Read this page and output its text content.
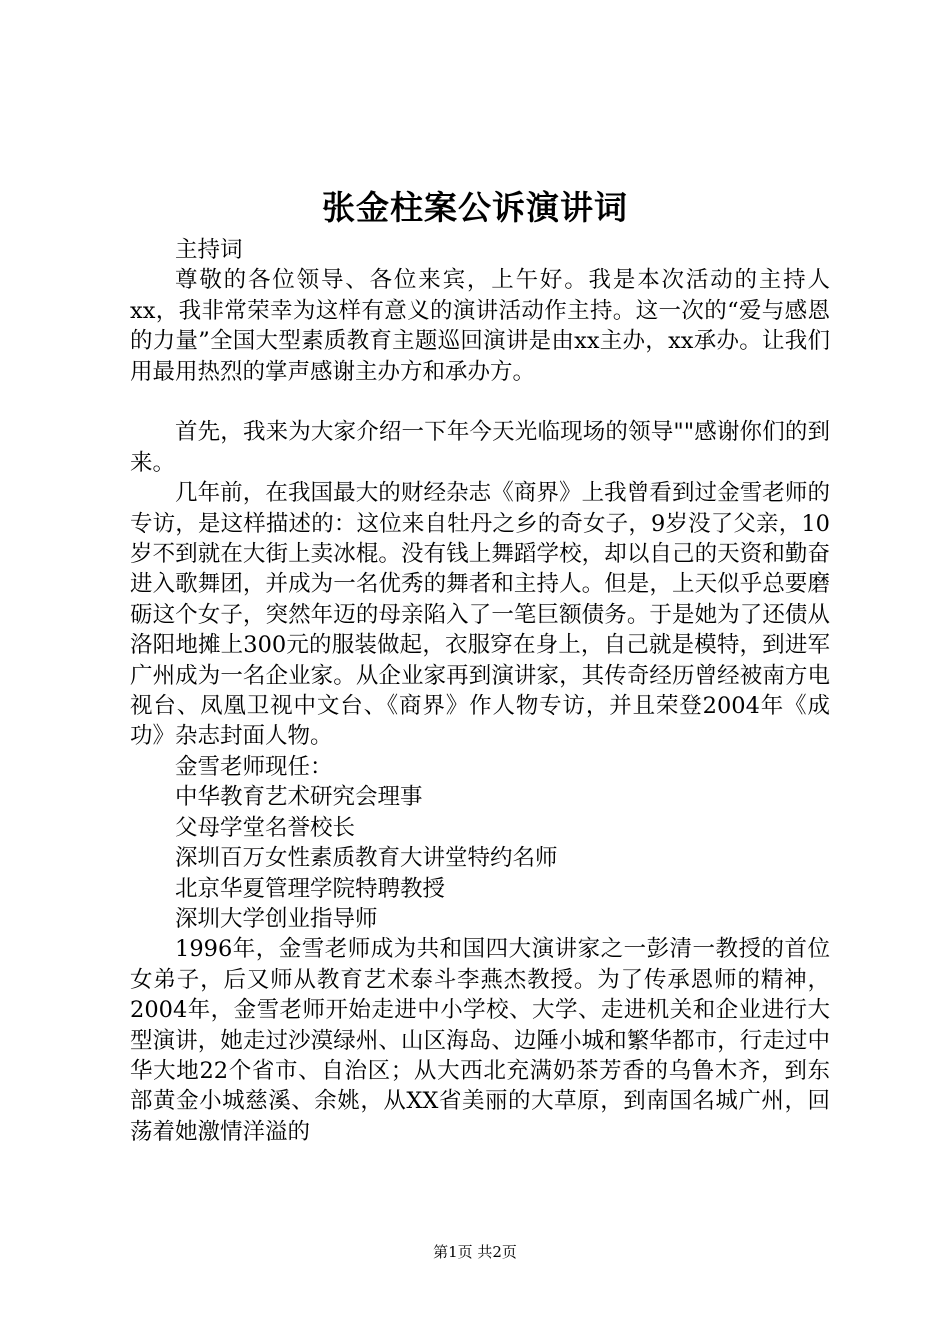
张金柱案公诉演讲词

主持词

尊敬的各位领导、各位来宾，上午好。我是本次活动的主持人xx，我非常荣幸为这样有意义的演讲活动作主持。这一次的“爱与感恩的力量”全国大型素质教育主题巡回演讲是由xx主办，xx承办。让我们用最用热烈的掌声感谢主办方和承办方。

首先，我来为大家介绍一下年今天光临现场的领导""感谢你们的到来。

几年前，在我国最大的财经杂志《商界》上我曾看到过金雪老师的专访，是这样描述的：这位来自牡丹之乡的奇女子，9岁没了父亲，10岁不到就在大街上卖冰棍。没有钱上舞蹈学校，却以自己的天资和勤奋进入歌舞团，并成为一名优秀的舞者和主持人。但是，上天似乎总要磨砺这个女子，突然年迈的母亲陷入了一笔巨额债务。于是她为了还债从洛阳地摊上300元的服装做起，衣服穿在身上，自己就是模特，到进军广州成为一名企业家。从企业家再到演讲家，其传奇经历曾经被南方电视台、凤凰卫视中文台、《商界》作人物专访，并且荣登2004年《成功》杂志封面人物。

金雪老师现任：

中华教育艺术研究会理事

父母学堂名誉校长

深圳百万女性素质教育大讲堂特约名师

北京华夏管理学院特聘教授

深圳大学创业指导师

1996年，金雪老师成为共和国四大演讲家之一彭清一教授的首位女弟子，后又师从教育艺术泰斗李燕杰教授。为了传承恩师的精神，2004年，金雪老师开始走进中小学校、大学、走进机关和企业进行大型演讲，她走过沙漠绿州、山区海岛、边陲小城和繁华都市，行走过中华大地22个省市、自治区；从大西北充满奶茶芳香的乌鲁木齐，到东部黄金小城慈溪、余姚，从XX省美丽的大草原，到南国名城广州，回荡着她激情洋溢的

第1页 共2页
